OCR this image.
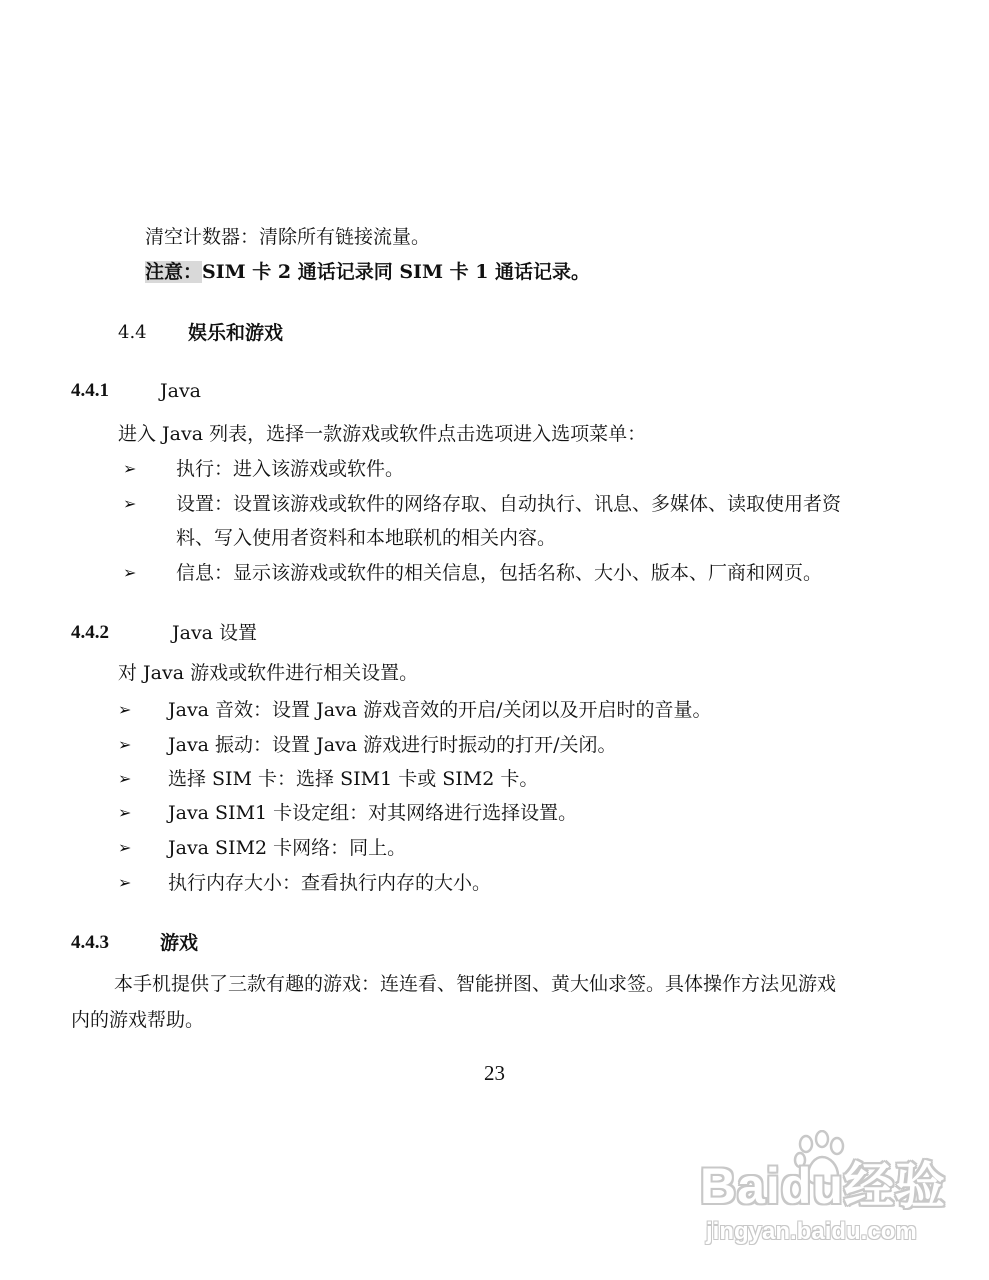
清空计数器：清除所有链接流量。
注意：SIM 卡 2 通话记录同 SIM 卡 1 通话记录。
4.4 娱乐和游戏
4.4.1	Java
进入 Java 列表，选择一款游戏或软件点击选项进入选项菜单：
➢ 执行：进入该游戏或软件。
➢ 设置：设置该游戏或软件的网络存取、自动执行、讯息、多媒体、读取使用者资
料、写入使用者资料和本地联机的相关内容。
➢ 信息：显示该游戏或软件的相关信息，包括名称、大小、版本、厂商和网页。
4.4.2	Java 设置
对 Java 游戏或软件进行相关设置。
➢ Java 音效：设置 Java 游戏音效的开启/关闭以及开启时的音量。
➢ Java 振动：设置 Java 游戏进行时振动的打开/关闭。
➢ 选择 SIM 卡：选择 SIM1 卡或 SIM2 卡。
➢ Java SIM1 卡设定组：对其网络进行选择设置。
➢ Java SIM2 卡网络：同上。
➢ 执行内存大小：查看执行内存的大小。
4.4.3	游戏
本手机提供了三款有趣的游戏：连连看、智能拼图、黄大仙求签。具体操作方法见游戏
内的游戏帮助。
23
Baidu经验
jingyan.baidu.com
